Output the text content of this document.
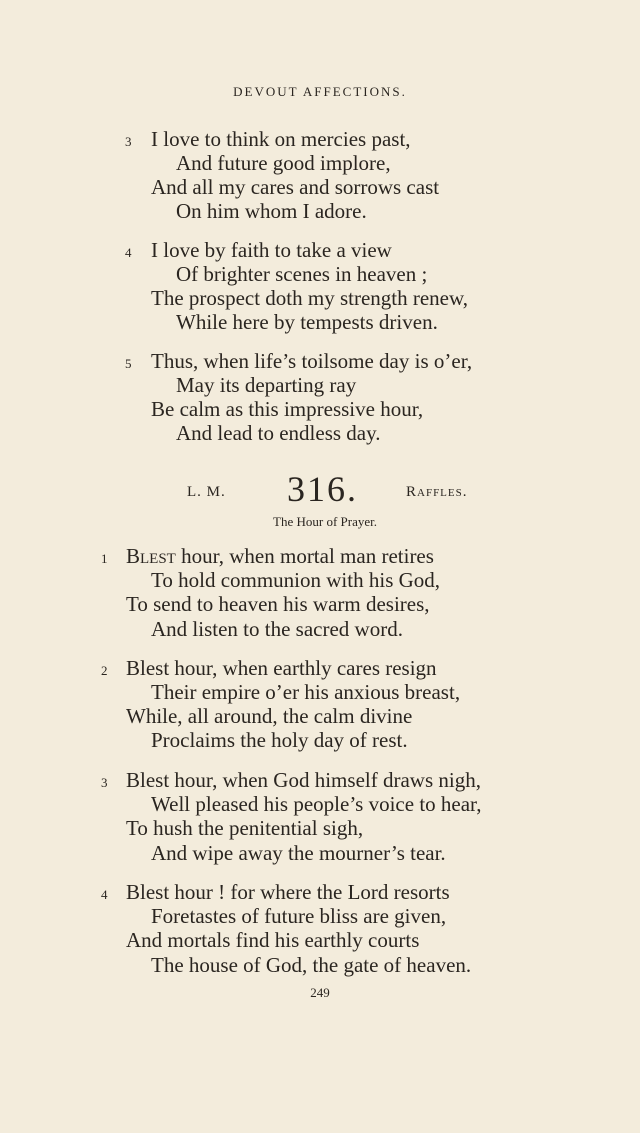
DEVOUT AFFECTIONS.
3 I love to think on mercies past,
And future good implore,
And all my cares and sorrows cast
On him whom I adore.
4 I love by faith to take a view
Of brighter scenes in heaven ;
The prospect doth my strength renew,
While here by tempests driven.
5 Thus, when life’s toilsome day is o’er,
May its departing ray
Be calm as this impressive hour,
And lead to endless day.
L. M. 316.	Raffles.
The Hour of Prayer.
1 Blest hour, when mortal man retires
To hold communion with his God,
To send to heaven his warm desires,
And listen to the sacred word.
2 Blest hour, when earthly cares resign
Their empire o’er his anxious breast,
While, all around, the calm divine
Proclaims the holy day of rest.
3 Blest hour, when God himself draws nigh,
Well pleased his people’s voice to hear,
To hush the penitential sigh,
And wipe away the mourner’s tear.
4 Blest hour ! for where the Lord resorts
Foretastes of future bliss are given,
And mortals find his earthly courts
The house of God, the gate of heaven.
249
